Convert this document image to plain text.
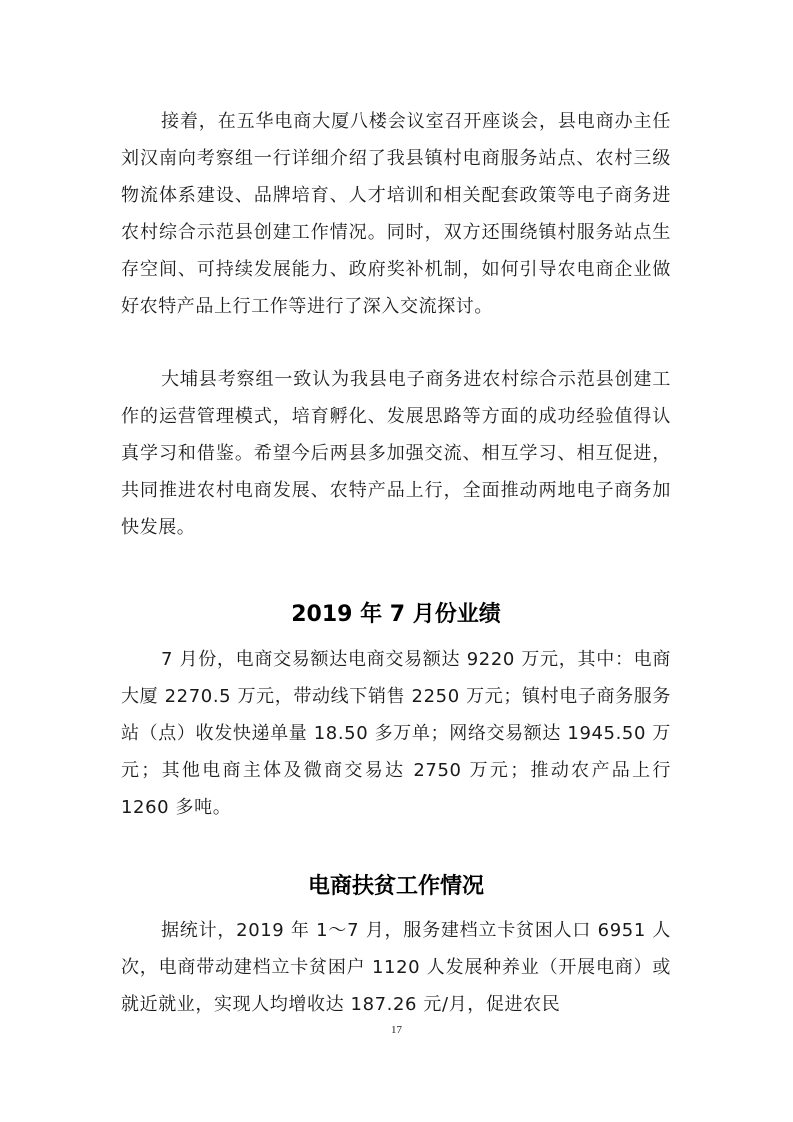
接着，在五华电商大厦八楼会议室召开座谈会，县电商办主任刘汉南向考察组一行详细介绍了我县镇村电商服务站点、农村三级物流体系建设、品牌培育、人才培训和相关配套政策等电子商务进农村综合示范县创建工作情况。同时，双方还围绕镇村服务站点生存空间、可持续发展能力、政府奖补机制，如何引导农电商企业做好农特产品上行工作等进行了深入交流探讨。

大埔县考察组一致认为我县电子商务进农村综合示范县创建工作的运营管理模式，培育孵化、发展思路等方面的成功经验值得认真学习和借鉴。希望今后两县多加强交流、相互学习、相互促进，共同推进农村电商发展、农特产品上行，全面推动两地电子商务加快发展。

2019 年 7 月份业绩

7 月份，电商交易额达电商交易额达 9220 万元，其中：电商大厦 2270.5 万元，带动线下销售 2250 万元；镇村电子商务服务站（点）收发快递单量 18.50 多万单；网络交易额达 1945.50 万元；其他电商主体及微商交易达 2750 万元；推动农产品上行 1260 多吨。

电商扶贫工作情况

据统计，2019 年 1～7 月，服务建档立卡贫困人口 6951 人次，电商带动建档立卡贫困户 1120 人发展种养业（开展电商）或就近就业，实现人均增收达 187.26 元/月，促进农民

17
